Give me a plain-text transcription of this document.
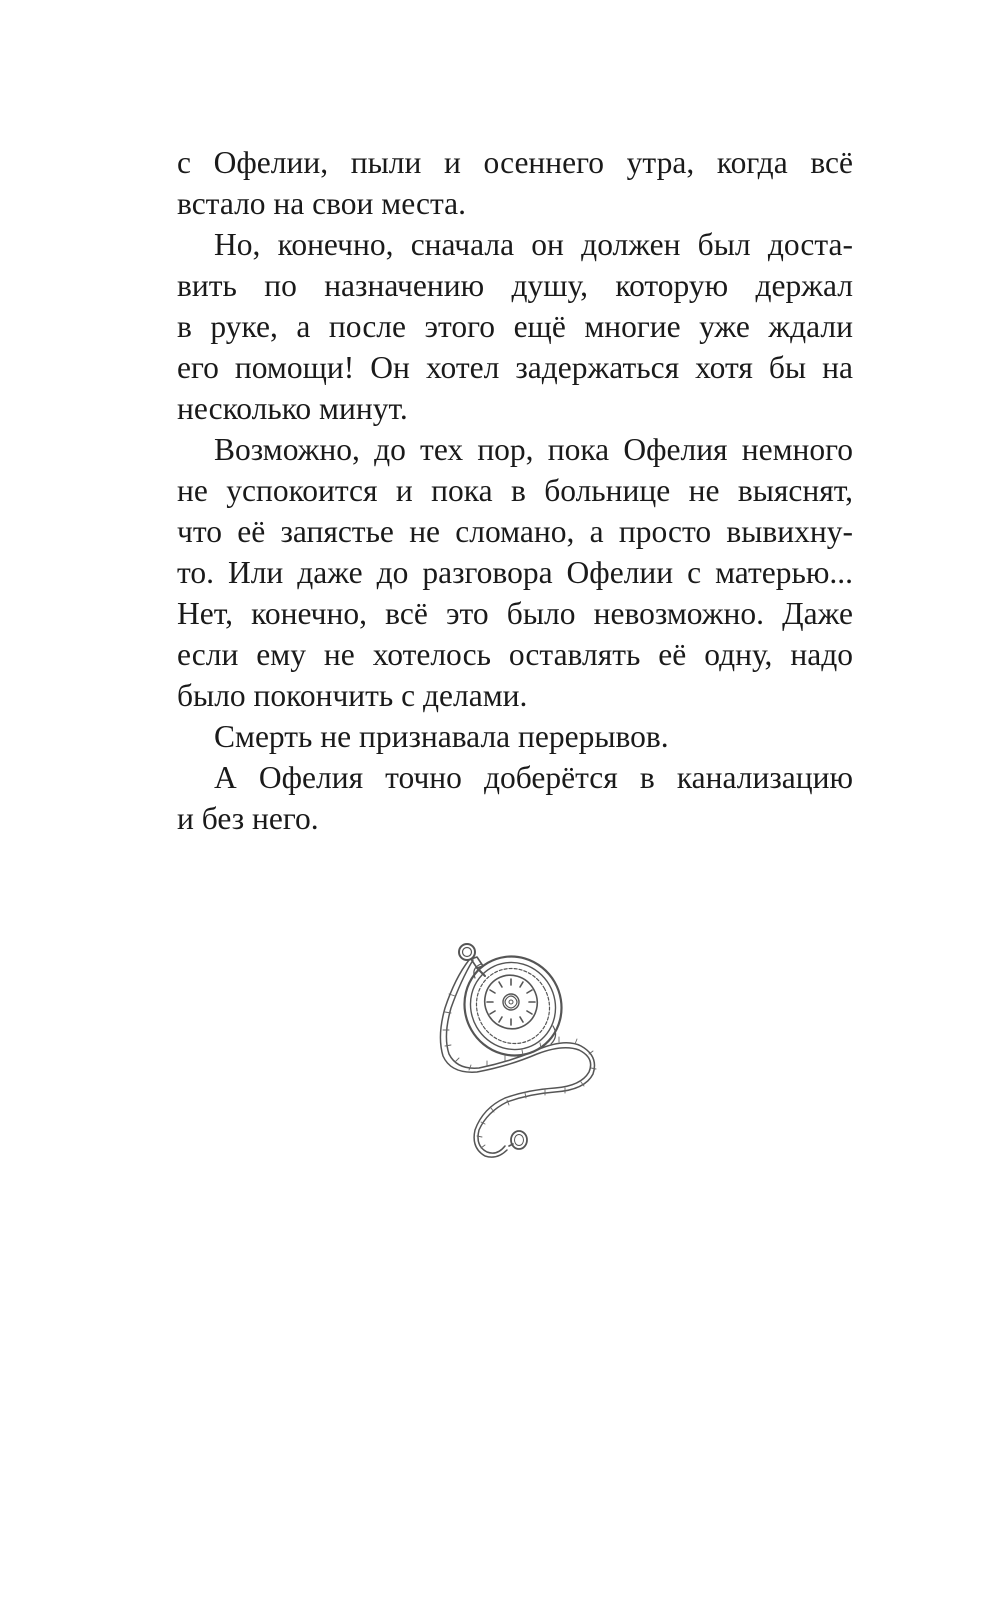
с Офелии, пыли и осеннего утра, когда всё
встало на свои места.
Но, конечно, сначала он должен был доста-
вить по назначению душу, которую держал
в руке, а после этого ещё многие уже ждали
его помощи! Он хотел задержаться хотя бы на
несколько минут.
Возможно, до тех пор, пока Офелия немного
не успокоится и пока в больнице не выяснят,
что её запястье не сломано, а просто вывихну-
то. Или даже до разговора Офелии с матерью...
Нет, конечно, всё это было невозможно. Даже
если ему не хотелось оставлять её одну, надо
было покончить с делами.
Смерть не признавала перерывов.
А Офелия точно доберётся в канализацию
и без него.
